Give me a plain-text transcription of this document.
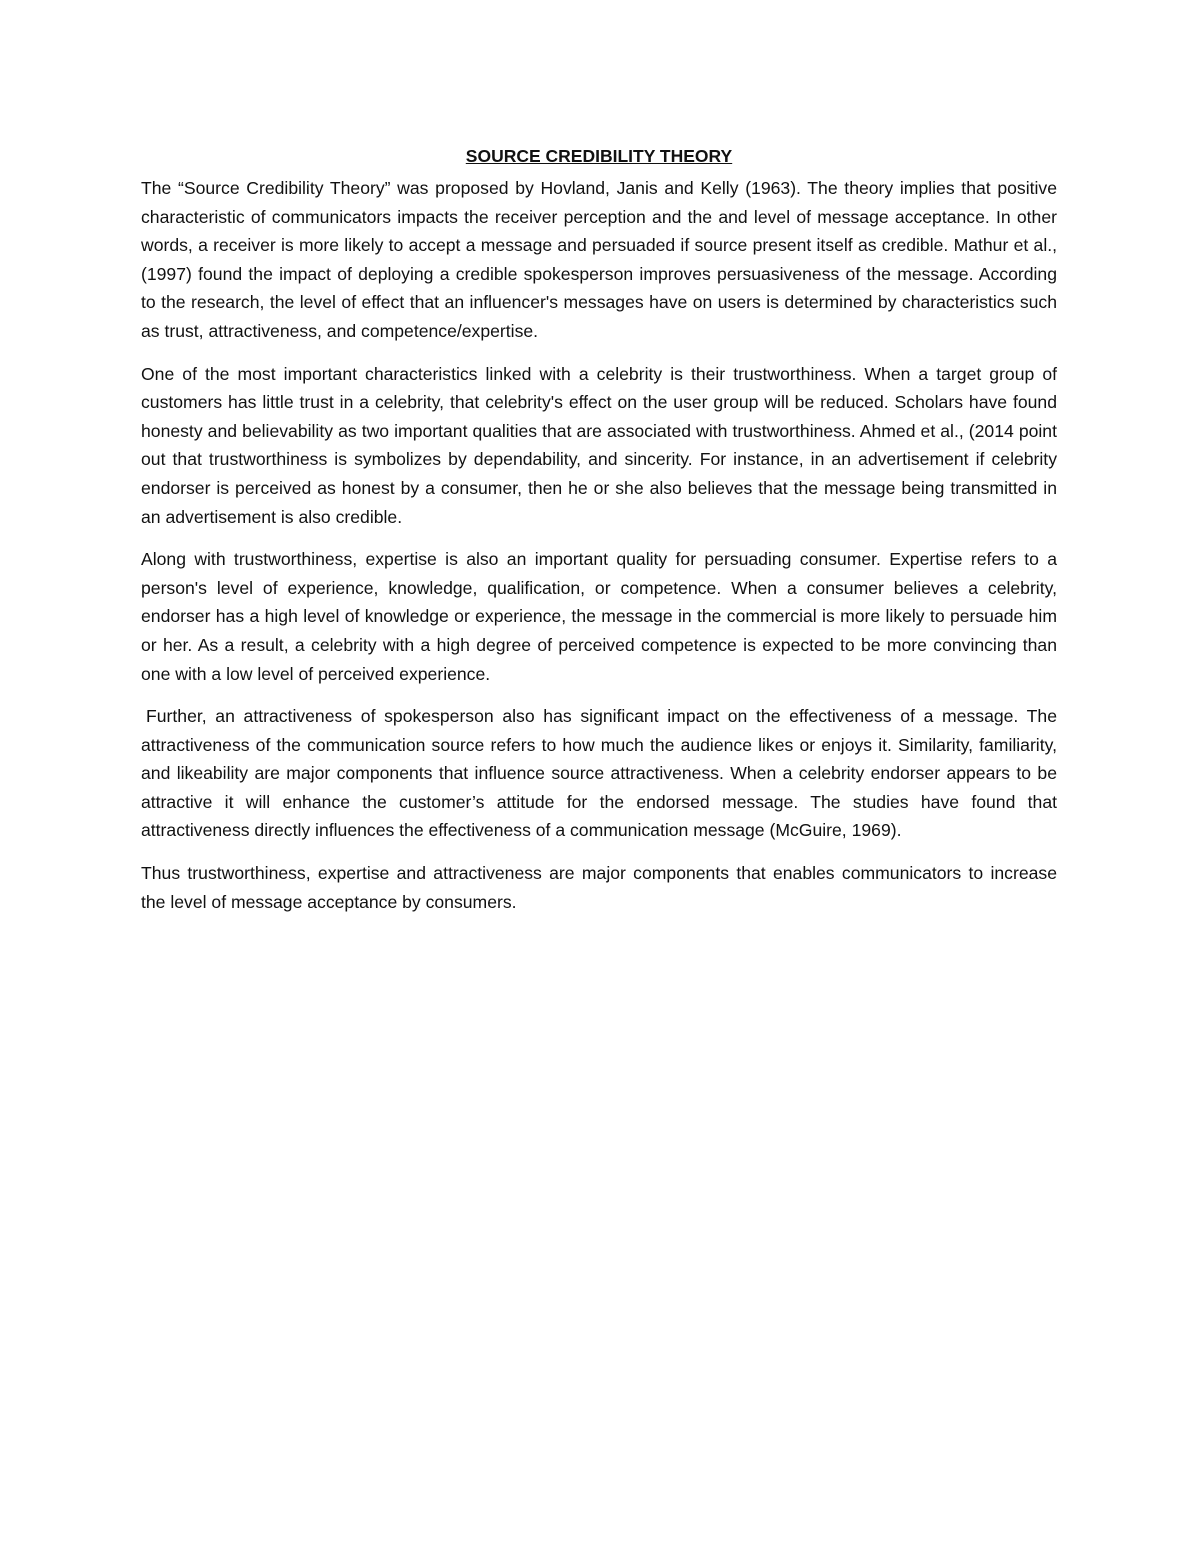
SOURCE CREDIBILITY THEORY

The “Source Credibility Theory” was proposed by Hovland, Janis and Kelly (1963). The theory implies that positive characteristic of communicators impacts the receiver perception and the and level of message acceptance. In other words, a receiver is more likely to accept a message and persuaded if source present itself as credible. Mathur et al., (1997) found the impact of deploying a credible spokesperson improves persuasiveness of the message. According to the research, the level of effect that an influencer's messages have on users is determined by characteristics such as trust, attractiveness, and competence/expertise.

One of the most important characteristics linked with a celebrity is their trustworthiness. When a target group of customers has little trust in a celebrity, that celebrity's effect on the user group will be reduced. Scholars have found honesty and believability as two important qualities that are associated with trustworthiness. Ahmed et al., (2014 point out that trustworthiness is symbolizes by dependability, and sincerity. For instance, in an advertisement if celebrity endorser is perceived as honest by a consumer, then he or she also believes that the message being transmitted in an advertisement is also credible.

Along with trustworthiness, expertise is also an important quality for persuading consumer. Expertise refers to a person's level of experience, knowledge, qualification, or competence. When a consumer believes a celebrity, endorser has a high level of knowledge or experience, the message in the commercial is more likely to persuade him or her. As a result, a celebrity with a high degree of perceived competence is expected to be more convincing than one with a low level of perceived experience.

Further, an attractiveness of spokesperson also has significant impact on the effectiveness of a message. The attractiveness of the communication source refers to how much the audience likes or enjoys it. Similarity, familiarity, and likeability are major components that influence source attractiveness. When a celebrity endorser appears to be attractive it will enhance the customer’s attitude for the endorsed message. The studies have found that attractiveness directly influences the effectiveness of a communication message (McGuire, 1969).

Thus trustworthiness, expertise and attractiveness are major components that enables communicators to increase the level of message acceptance by consumers.
